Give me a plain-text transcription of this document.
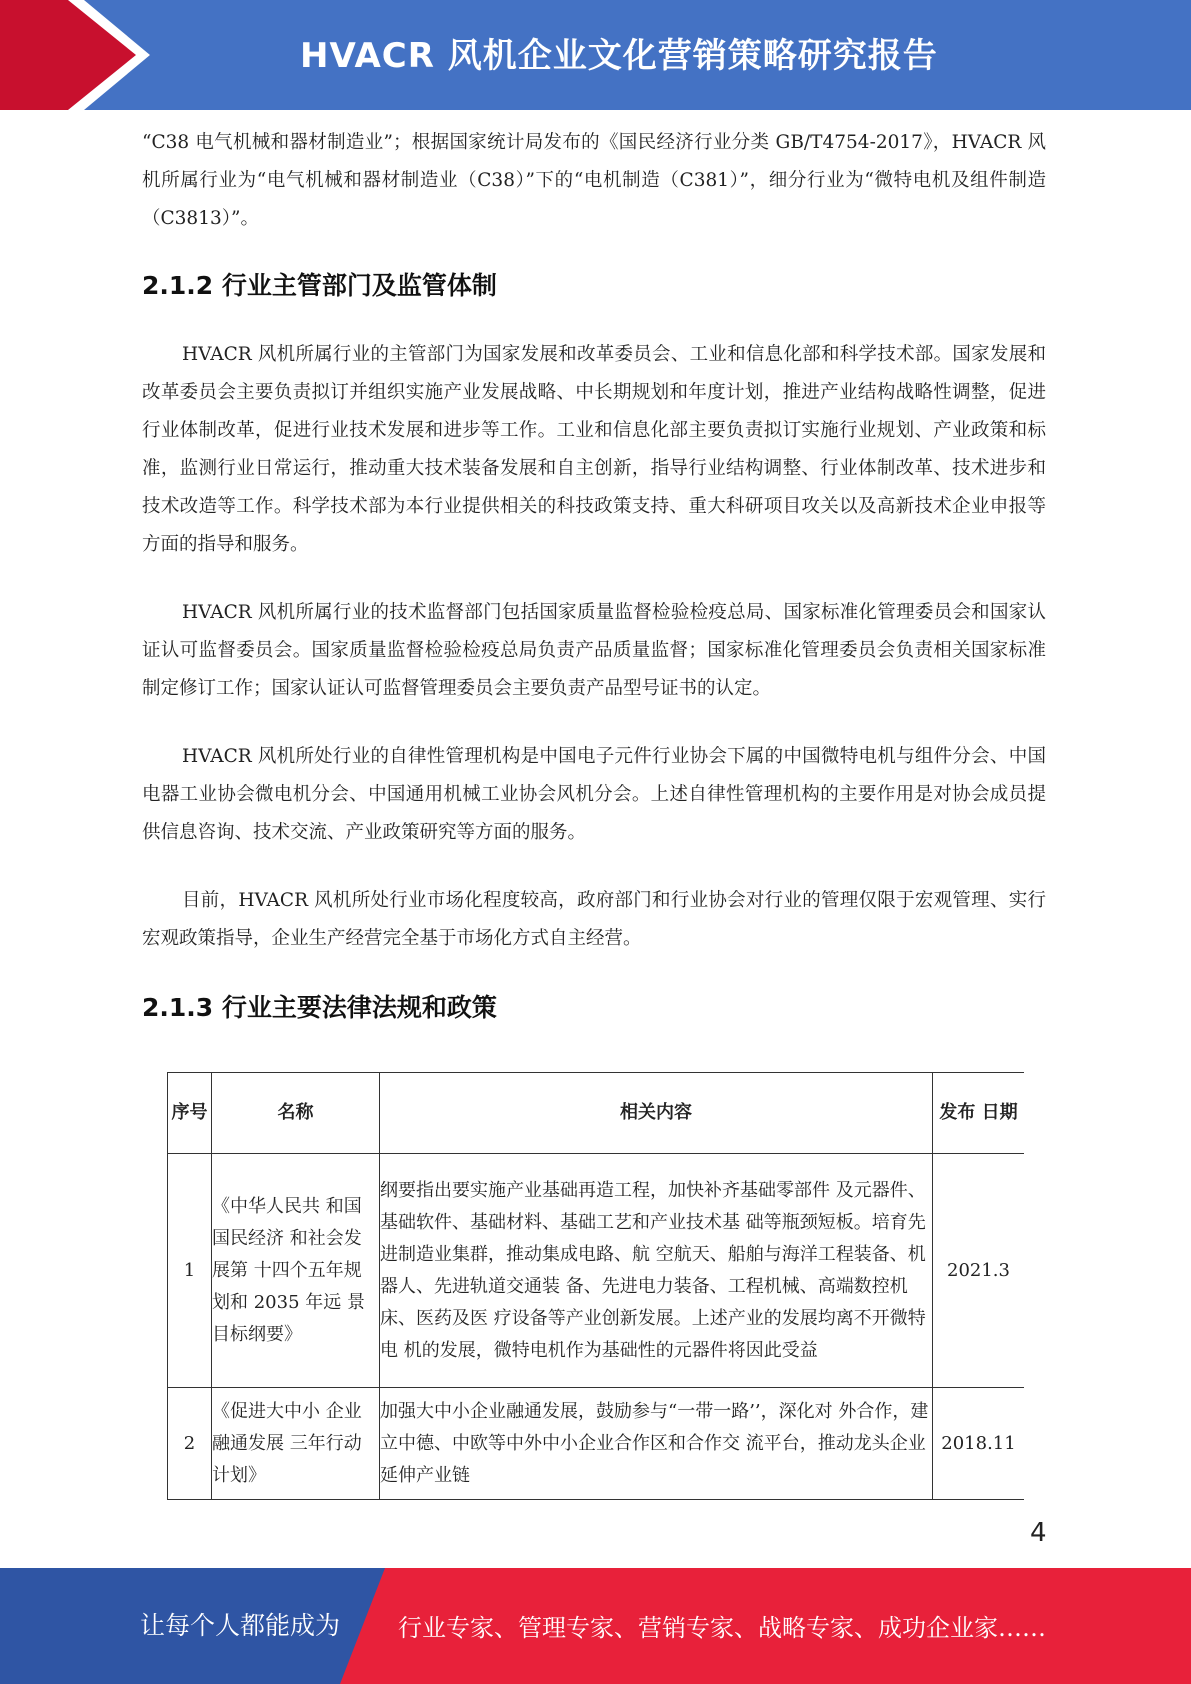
HVACR 风机企业文化营销策略研究报告

“C38 电气机械和器材制造业”；根据国家统计局发布的《国民经济行业分类 GB/T4754-2017》，HVACR 风机所属行业为“电气机械和器材制造业（C38）”下的“电机制造（C381）”，细分行业为“微特电机及组件制造（C3813）”。

2.1.2 行业主管部门及监管体制

HVACR 风机所属行业的主管部门为国家发展和改革委员会、工业和信息化部和科学技术部。国家发展和改革委员会主要负责拟订并组织实施产业发展战略、中长期规划和年度计划，推进产业结构战略性调整，促进行业体制改革，促进行业技术发展和进步等工作。工业和信息化部主要负责拟订实施行业规划、产业政策和标准，监测行业日常运行，推动重大技术装备发展和自主创新，指导行业结构调整、行业体制改革、技术进步和技术改造等工作。科学技术部为本行业提供相关的科技政策支持、重大科研项目攻关以及高新技术企业申报等方面的指导和服务。

HVACR 风机所属行业的技术监督部门包括国家质量监督检验检疫总局、国家标准化管理委员会和国家认证认可监督委员会。国家质量监督检验检疫总局负责产品质量监督；国家标准化管理委员会负责相关国家标准制定修订工作；国家认证认可监督管理委员会主要负责产品型号证书的认定。

HVACR 风机所处行业的自律性管理机构是中国电子元件行业协会下属的中国微特电机与组件分会、中国电器工业协会微电机分会、中国通用机械工业协会风机分会。上述自律性管理机构的主要作用是对协会成员提供信息咨询、技术交流、产业政策研究等方面的服务。

目前，HVACR 风机所处行业市场化程度较高，政府部门和行业协会对行业的管理仅限于宏观管理、实行宏观政策指导，企业生产经营完全基于市场化方式自主经营。

2.1.3 行业主要法律法规和政策
序号	名称	相关内容	发布 日期
1	《中华人民共 和国国民经济 和社会发展第 十四个五年规 划和 2035 年远 景目标纲要》	纲要指出要实施产业基础再造工程，加快补齐基础零部件 及元器件、基础软件、基础材料、基础工艺和产业技术基 础等瓶颈短板。培育先进制造业集群，推动集成电路、航 空航天、船舶与海洋工程装备、机器人、先进轨道交通装 备、先进电力装备、工程机械、高端数控机床、医药及医 疗设备等产业创新发展。上述产业的发展均离不开微特电 机的发展，微特电机作为基础性的元器件将因此受益	2021.3
2	《促进大中小 企业融通发展 三年行动计划》	加强大中小企业融通发展，鼓励参与“一带一路’’，深化对 外合作，建立中德、中欧等中外中小企业合作区和合作交 流平台，推动龙头企业延伸产业链	2018.11
4
让每个人都能成为 行业专家、管理专家、营销专家、战略专家、成功企业家……
